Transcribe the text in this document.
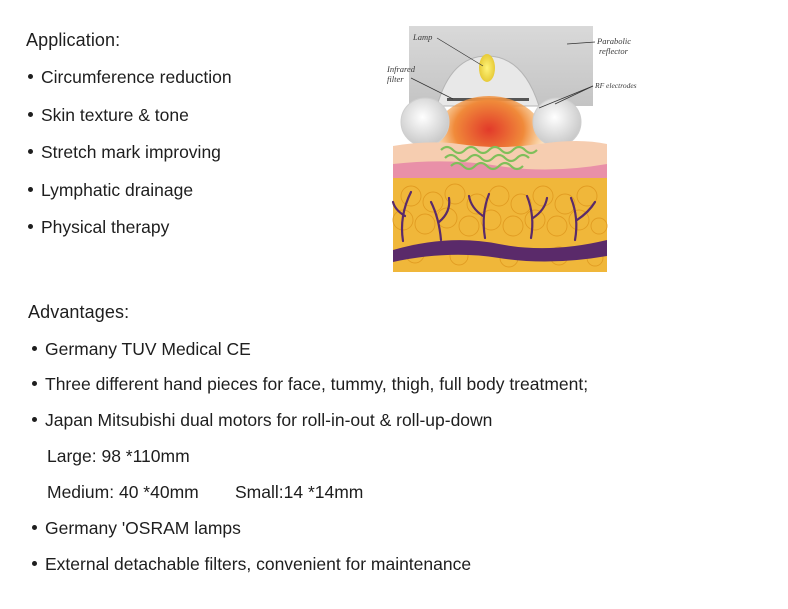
Application:
Circumference reduction
Skin texture & tone
Stretch mark improving
Lymphatic drainage
Physical therapy
Lamp	Parabolic
reflector
Infrared
filter
RF electrodes
Advantages:
Germany TUV Medical CE
Three different hand pieces for face, tummy, thigh, full body treatment;
Japan Mitsubishi dual motors for roll-in-out & roll-up-down
Large: 98 *110mm
Medium: 40 *40mm Small:14 *14mm
Germany 'OSRAM lamps
External detachable filters, convenient for maintenance
